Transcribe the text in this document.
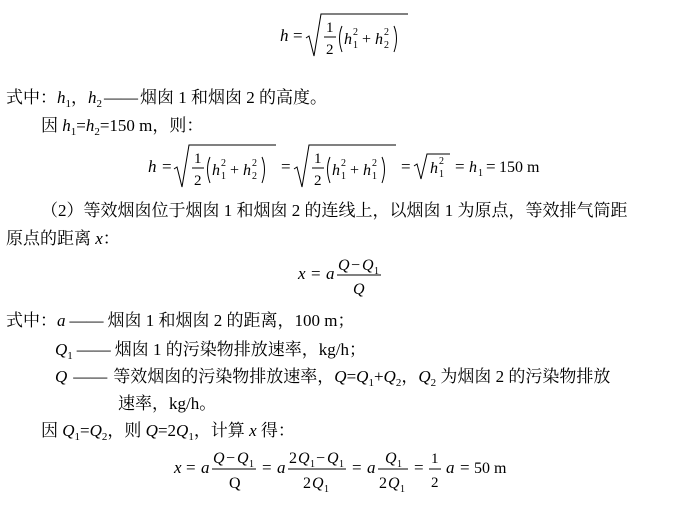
h = 1
2
h 1
2 + h 2
2
式中：$h_1$，$h_2$ —— 烟囱 1 和烟囱 2 的高度。
因 $h_1=h_2=150$ m，则：
h = 1
2
h 1
2 + h 2
2 = 1
2
h 1
2 + h 1
2 = h 1
2 = h 1 = 150 m
（2）等效烟囱位于烟囱 1 和烟囱 2 的连线上，以烟囱 1 为原点，等效排气筒距
原点的距离 x：
x = a Q − Q 1
Q
式中：a —— 烟囱 1 和烟囱 2 的距离，100 m；
$Q_1$ —— 烟囱 1 的污染物排放速率，kg/h；
Q —— 等效烟囱的污染物排放速率，$Q=Q_1+Q_2$，$Q_2$ 为烟囱 2 的污染物排放
速率，kg/h。
因 $Q_1=Q_2$，则 $Q=2Q_1$，计算 x 得：
x = a Q − Q 1
Q
= a 2 Q 1 − Q 1
2 Q 1
= a Q 1
2 Q 1
= 1
2
a = 50 m
